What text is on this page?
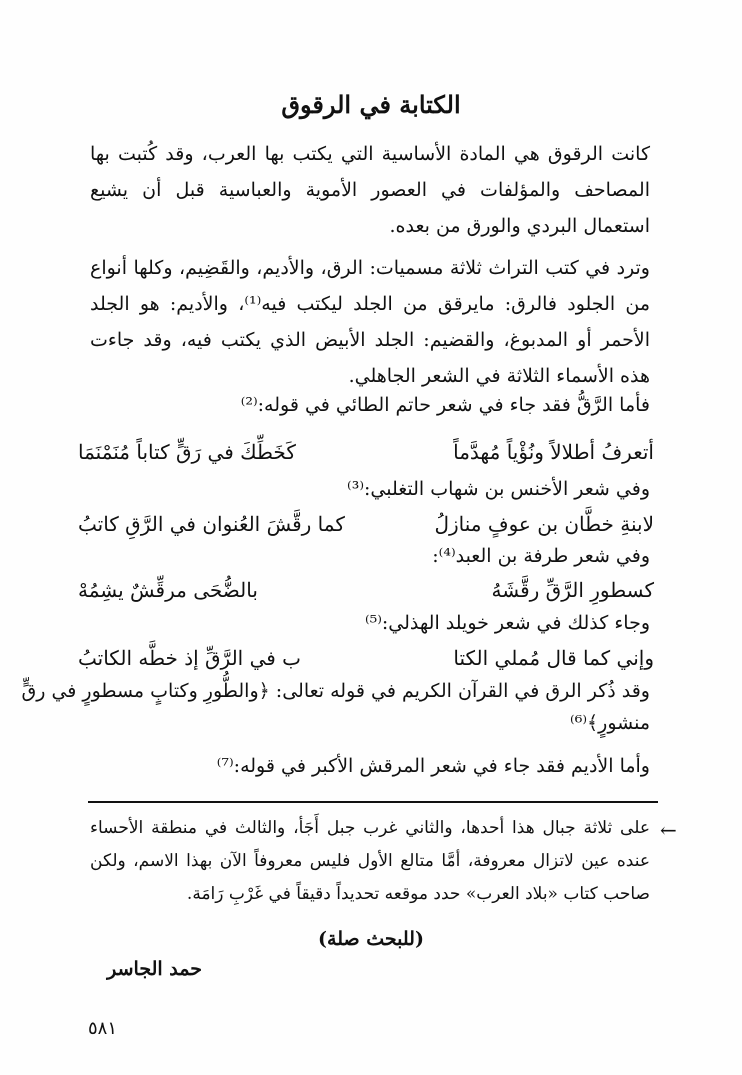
الكتابة في الرقوق
كانت الرقوق هي المادة الأساسية التي يكتب بها العرب، وقد كُتبت بها المصاحف والمؤلفات في العصور الأموية والعباسية قبل أن يشيع استعمال البردي والورق من بعده.
وترد في كتب التراث ثلاثة مسميات: الرق، والأديم، والقَضِيم، وكلها أنواع من الجلود فالرق: مايرقق من الجلد ليكتب فيه⁽¹⁾، والأديم: هو الجلد الأحمر أو المدبوغ، والقضيم: الجلد الأبيض الذي يكتب فيه، وقد جاءت هذه الأسماء الثلاثة في الشعر الجاهلي.
فأما الرَّقُّ فقد جاء في شعر حاتم الطائي في قوله:⁽²⁾
أتعرفُ أطلالاً ونُؤْياً مُهدَّماً
كَخَطِّكَ في رَقٍّ كتاباً مُنَمْنَمَا
وفي شعر الأخنس بن شهاب التغلبي:⁽³⁾
لابنةِ خطَّان بن عوفٍ منازلُ
كما رقَّشَ العُنوان في الرَّقِ كاتبُ
وفي شعر طرفة بن العبد⁽⁴⁾:
كسطورِ الرَّقِّ رقَّشَهُ
بالضُّحَى مرقِّشٌ يشِمُهْ
وجاء كذلك في شعر خويلد الهذلي:⁽⁵⁾
وإني كما قال مُملي الكتا
ب في الرَّقِّ إذ خطَّه الكاتبُ
وقد ذُكر الرق في القرآن الكريم في قوله تعالى: ﴿والطُّورِ وكتابٍ مسطورٍ في رقٍّ
منشورٍ﴾⁽⁶⁾
وأما الأديم فقد جاء في شعر المرقش الأكبر في قوله:⁽⁷⁾
←
على ثلاثة جبال هذا أحدها، والثاني غرب جبل أَجَأ، والثالث في منطقة الأحساء عنده عين لاتزال معروفة، أمَّا متالع الأول فليس معروفاً الآن بهذا الاسم، ولكن صاحب كتاب «بلاد العرب» حدد موقعه تحديداً دقيقاً في غَرْبِ رَامَة.
(للبحث صلة)
حمد الجاسر
٥٨١
